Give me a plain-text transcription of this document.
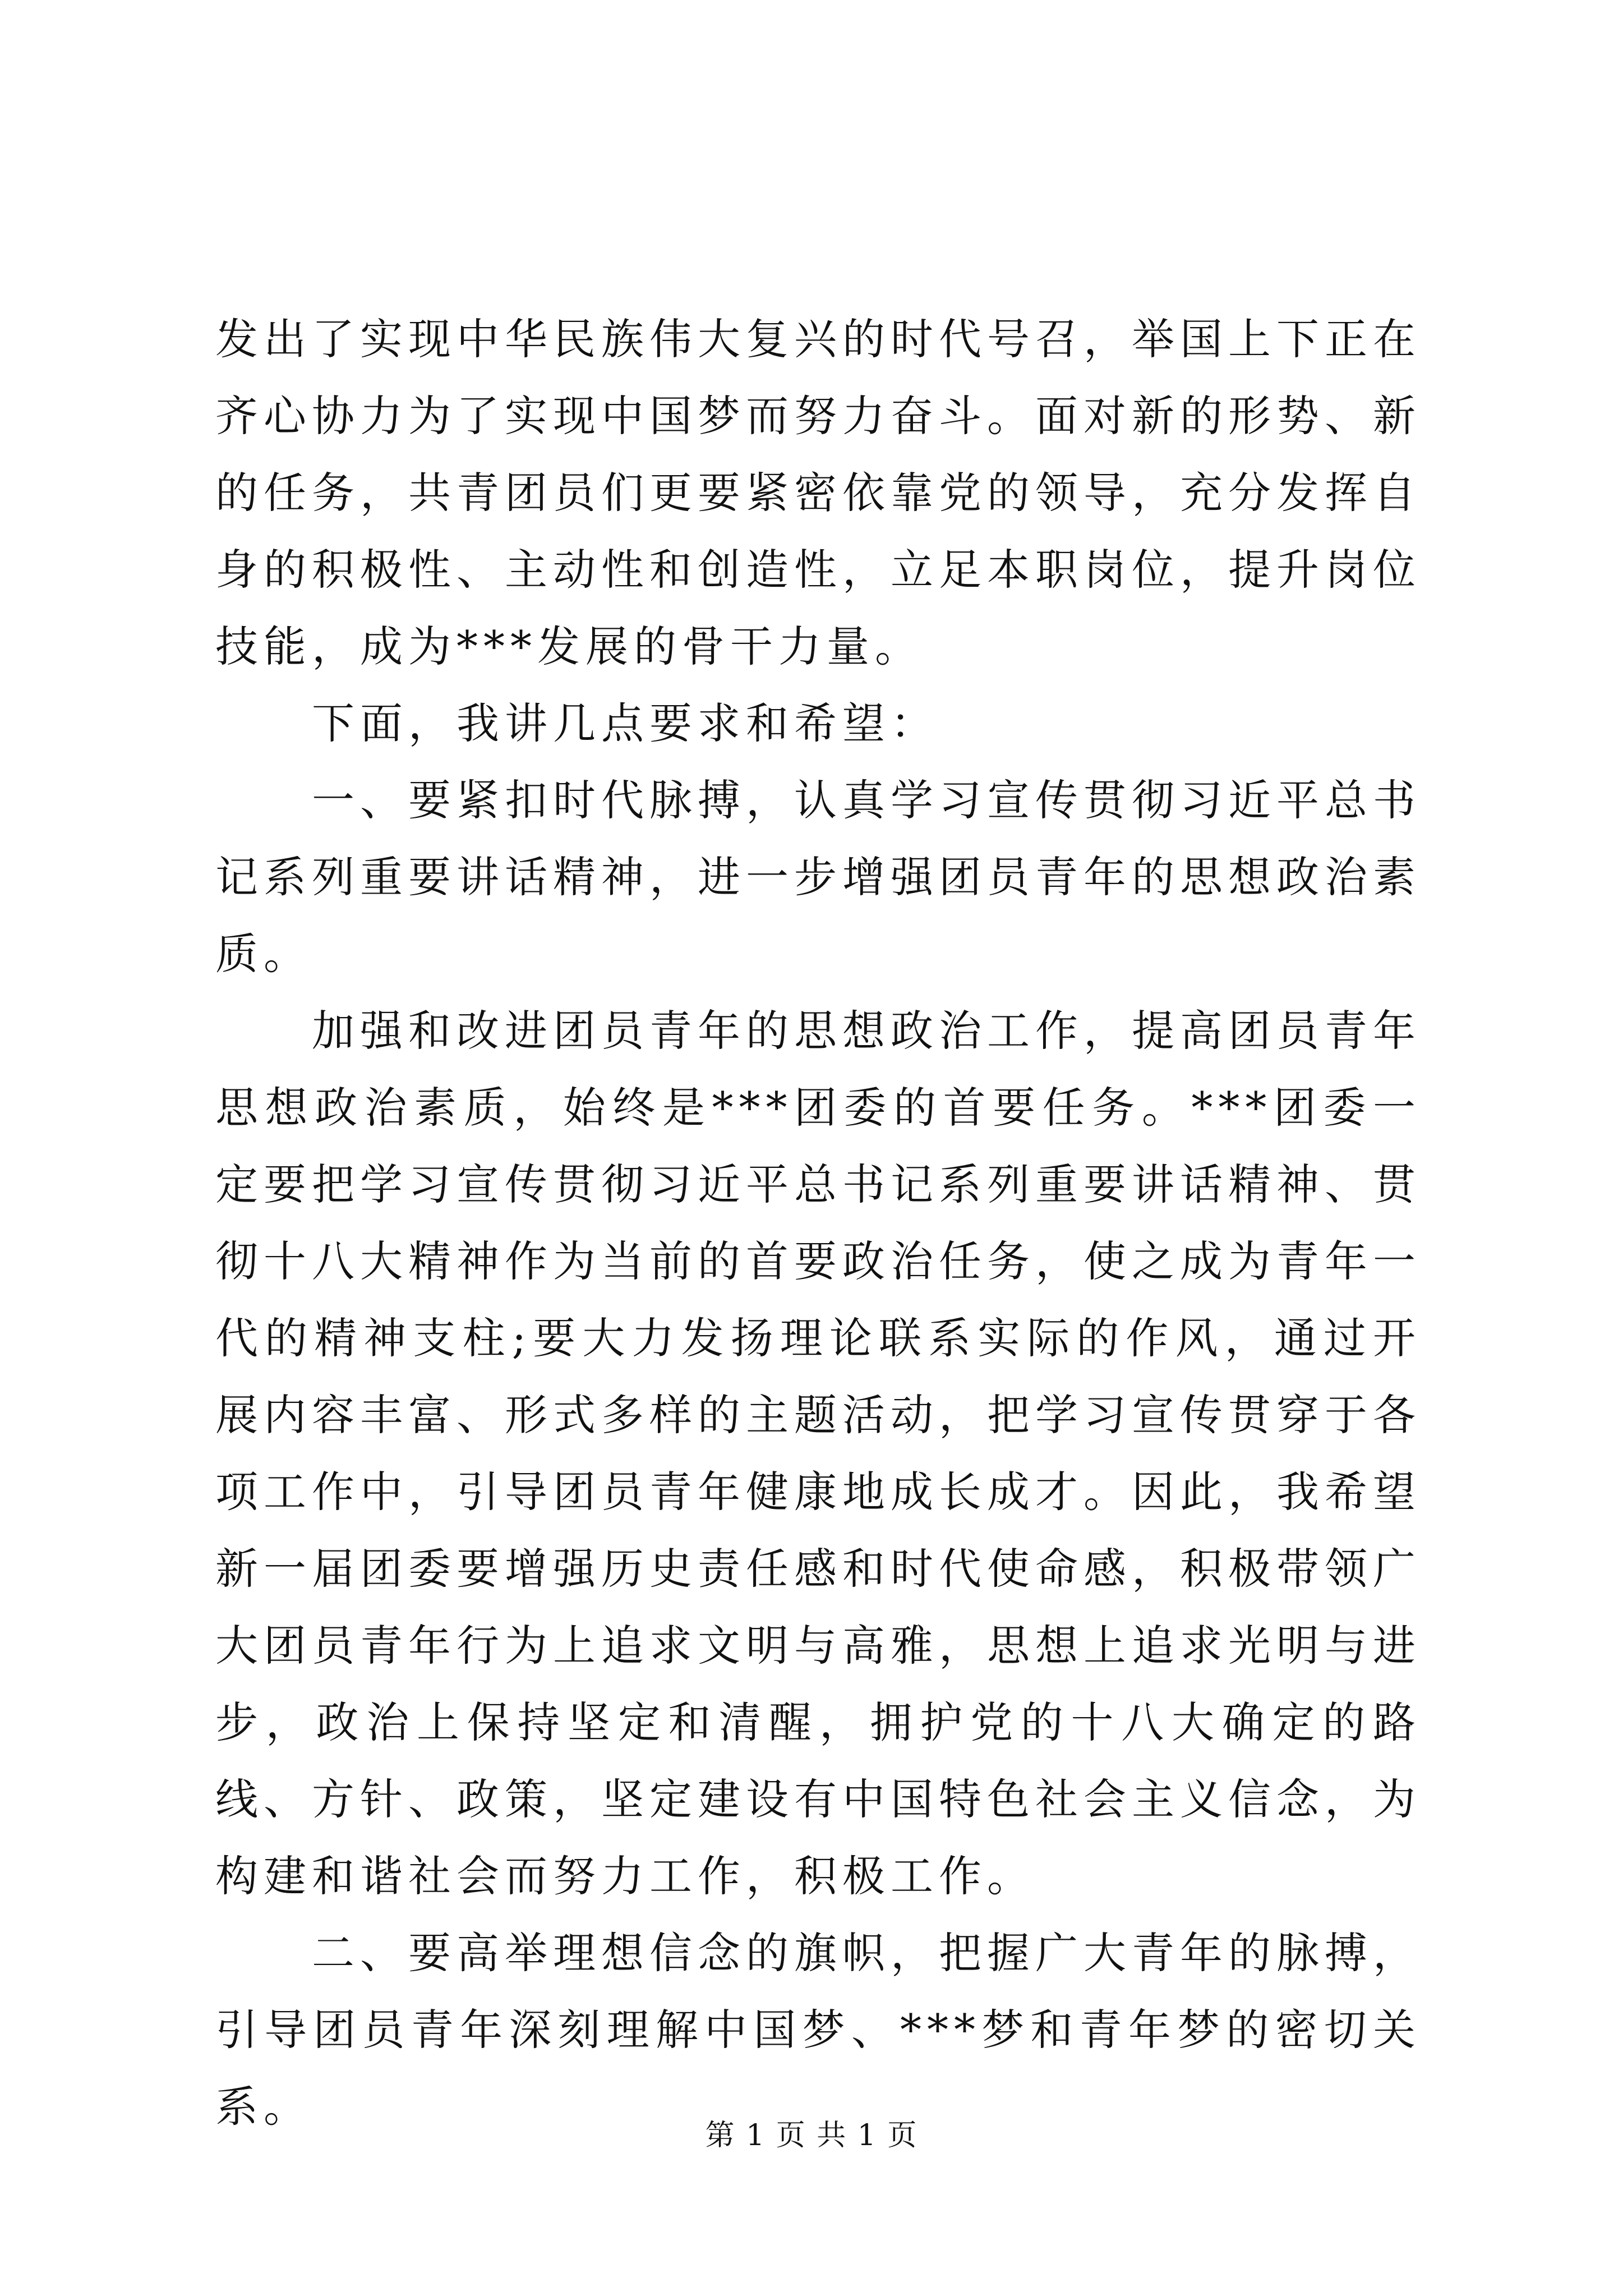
发出了实现中华民族伟大复兴的时代号召，举国上下正在齐心协力为了实现中国梦而努力奋斗。面对新的形势、新的任务，共青团员们更要紧密依靠党的领导，充分发挥自身的积极性、主动性和创造性，立足本职岗位，提升岗位技能，成为***发展的骨干力量。

下面，我讲几点要求和希望：

一、要紧扣时代脉搏，认真学习宣传贯彻习近平总书记系列重要讲话精神，进一步增强团员青年的思想政治素质。

加强和改进团员青年的思想政治工作，提高团员青年思想政治素质，始终是***团委的首要任务。***团委一定要把学习宣传贯彻习近平总书记系列重要讲话精神、贯彻十八大精神作为当前的首要政治任务，使之成为青年一代的精神支柱;要大力发扬理论联系实际的作风，通过开展内容丰富、形式多样的主题活动，把学习宣传贯穿于各项工作中，引导团员青年健康地成长成才。因此，我希望新一届团委要增强历史责任感和时代使命感，积极带领广大团员青年行为上追求文明与高雅，思想上追求光明与进步，政治上保持坚定和清醒，拥护党的十八大确定的路线、方针、政策，坚定建设有中国特色社会主义信念，为构建和谐社会而努力工作，积极工作。

二、要高举理想信念的旗帜，把握广大青年的脉搏，引导团员青年深刻理解中国梦、***梦和青年梦的密切关系。

第 1 页 共 1 页
